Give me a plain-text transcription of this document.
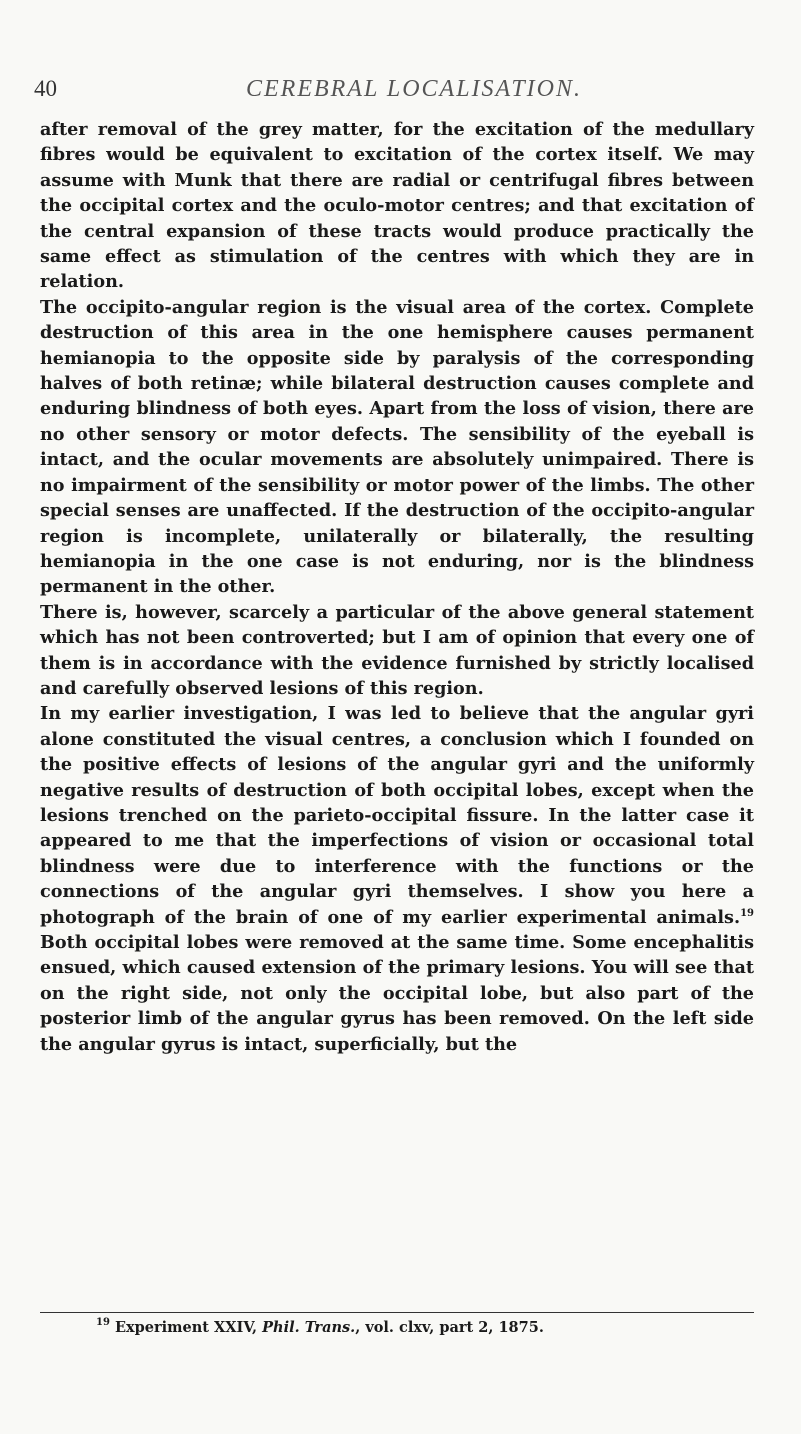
40	CEREBRAL LOCALISATION.

after removal of the grey matter, for the excitation of the medullary fibres would be equivalent to excitation of the cortex itself. We may assume with Munk that there are radial or centrifugal fibres between the occipital cortex and the oculo-motor centres; and that excitation of the central expansion of these tracts would produce practically the same effect as stimulation of the centres with which they are in relation.

The occipito-angular region is the visual area of the cortex. Complete destruction of this area in the one hemisphere causes permanent hemianopia to the opposite side by paralysis of the corresponding halves of both retinæ; while bilateral destruction causes complete and enduring blindness of both eyes. Apart from the loss of vision, there are no other sensory or motor defects. The sensibility of the eyeball is intact, and the ocular movements are absolutely unimpaired. There is no impairment of the sensibility or motor power of the limbs. The other special senses are unaffected. If the destruction of the occipito-angular region is incomplete, unilaterally or bilaterally, the resulting hemianopia in the one case is not enduring, nor is the blindness permanent in the other.

There is, however, scarcely a particular of the above general statement which has not been controverted; but I am of opinion that every one of them is in accordance with the evidence furnished by strictly localised and carefully observed lesions of this region.

In my earlier investigation, I was led to believe that the angular gyri alone constituted the visual centres, a conclusion which I founded on the positive effects of lesions of the angular gyri and the uniformly negative results of destruction of both occipital lobes, except when the lesions trenched on the parieto-occipital fissure. In the latter case it appeared to me that the imperfections of vision or occasional total blindness were due to interference with the functions or the connections of the angular gyri themselves. I show you here a photograph of the brain of one of my earlier experimental animals.$^{19}$ Both occipital lobes were removed at the same time. Some encephalitis ensued, which caused extension of the primary lesions. You will see that on the right side, not only the occipital lobe, but also part of the posterior limb of the angular gyrus has been removed. On the left side the angular gyrus is intact, superficially, but the

$^{19}$ Experiment XXIV, Phil. Trans., vol. clxv, part 2, 1875.
